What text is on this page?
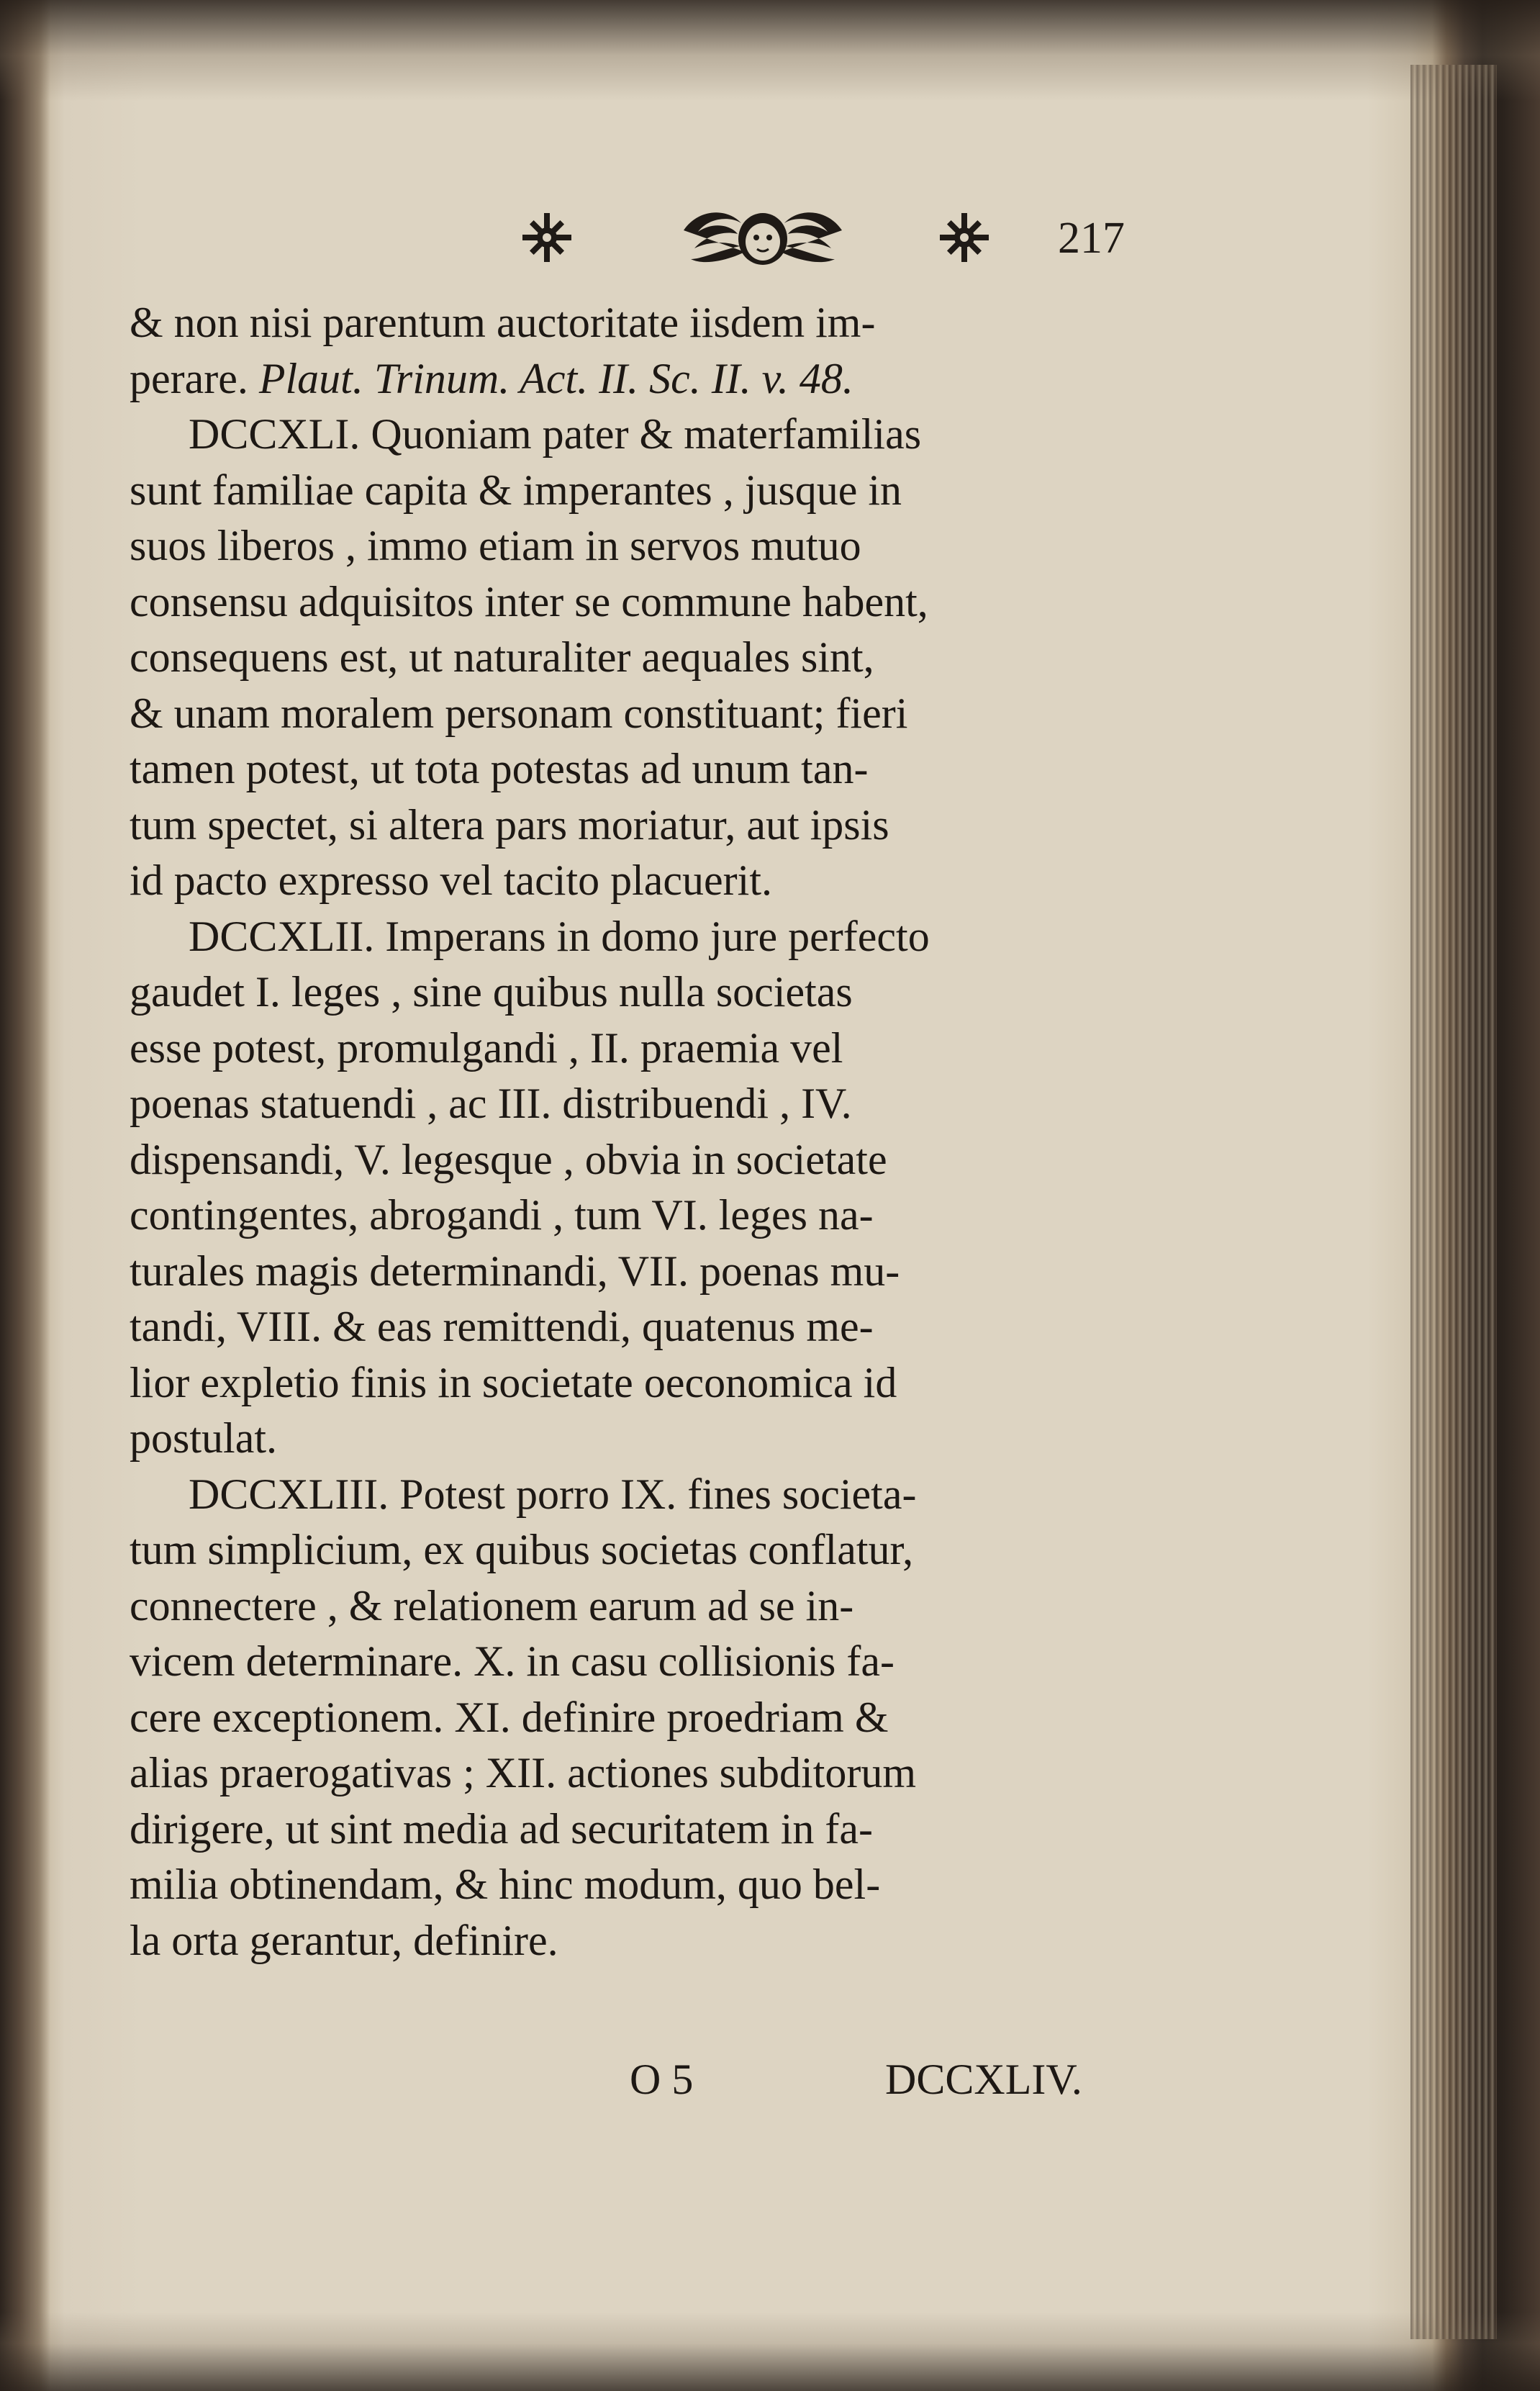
217
& non nisi parentum auctoritate iisdem im-
perare. Plaut. Trinum. Act. II. Sc. II. v. 48.
DCCXLI. Quoniam pater & materfamilias
sunt familiae capita & imperantes , jusque in
suos liberos , immo etiam in servos mutuo
consensu adquisitos inter se commune habent,
consequens est, ut naturaliter aequales sint,
& unam moralem personam constituant; fieri
tamen potest, ut tota potestas ad unum tan-
tum spectet, si altera pars moriatur, aut ipsis
id pacto expresso vel tacito placuerit.
DCCXLII. Imperans in domo jure perfecto
gaudet I. leges , sine quibus nulla societas
esse potest, promulgandi , II. praemia vel
poenas statuendi , ac III. distribuendi , IV.
dispensandi, V. legesque , obvia in societate
contingentes, abrogandi , tum VI. leges na-
turales magis determinandi, VII. poenas mu-
tandi, VIII. & eas remittendi, quatenus me-
lior expletio finis in societate oeconomica id
postulat.
DCCXLIII. Potest porro IX. fines societa-
tum simplicium, ex quibus societas conflatur,
connectere , & relationem earum ad se in-
vicem determinare. X. in casu collisionis fa-
cere exceptionem. XI. definire proedriam &
alias praerogativas ; XII. actiones subditorum
dirigere, ut sint media ad securitatem in fa-
milia obtinendam, & hinc modum, quo bel-
la orta gerantur, definire.
O 5	DCCXLIV.
